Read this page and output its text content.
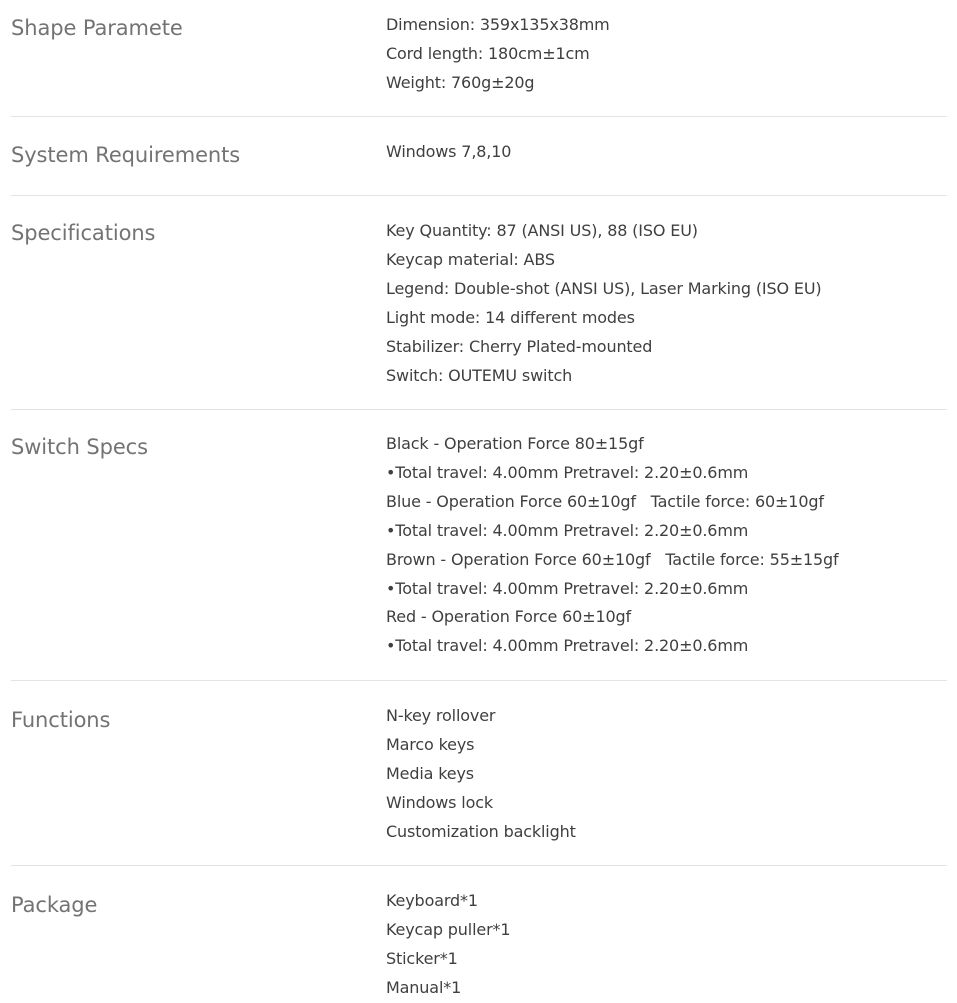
Shape Paramete	Dimension: 359x135x38mm
Cord length: 180cm±1cm
Weight: 760g±20g
System Requirements	Windows 7,8,10
Specifications	Key Quantity: 87 (ANSI US), 88 (ISO EU)
Keycap material: ABS
Legend: Double-shot (ANSI US), Laser Marking (ISO EU)
Light mode: 14 different modes
Stabilizer: Cherry Plated-mounted
Switch: OUTEMU switch
Switch Specs	Black - Operation Force 80±15gf
•Total travel: 4.00mm Pretravel: 2.20±0.6mm
Blue - Operation Force 60±10gf   Tactile force: 60±10gf
•Total travel: 4.00mm Pretravel: 2.20±0.6mm
Brown - Operation Force 60±10gf   Tactile force: 55±15gf
•Total travel: 4.00mm Pretravel: 2.20±0.6mm
Red - Operation Force 60±10gf
•Total travel: 4.00mm Pretravel: 2.20±0.6mm
Functions	N-key rollover
Marco keys
Media keys
Windows lock
Customization backlight
Package	Keyboard*1
Keycap puller*1
Sticker*1
Manual*1
